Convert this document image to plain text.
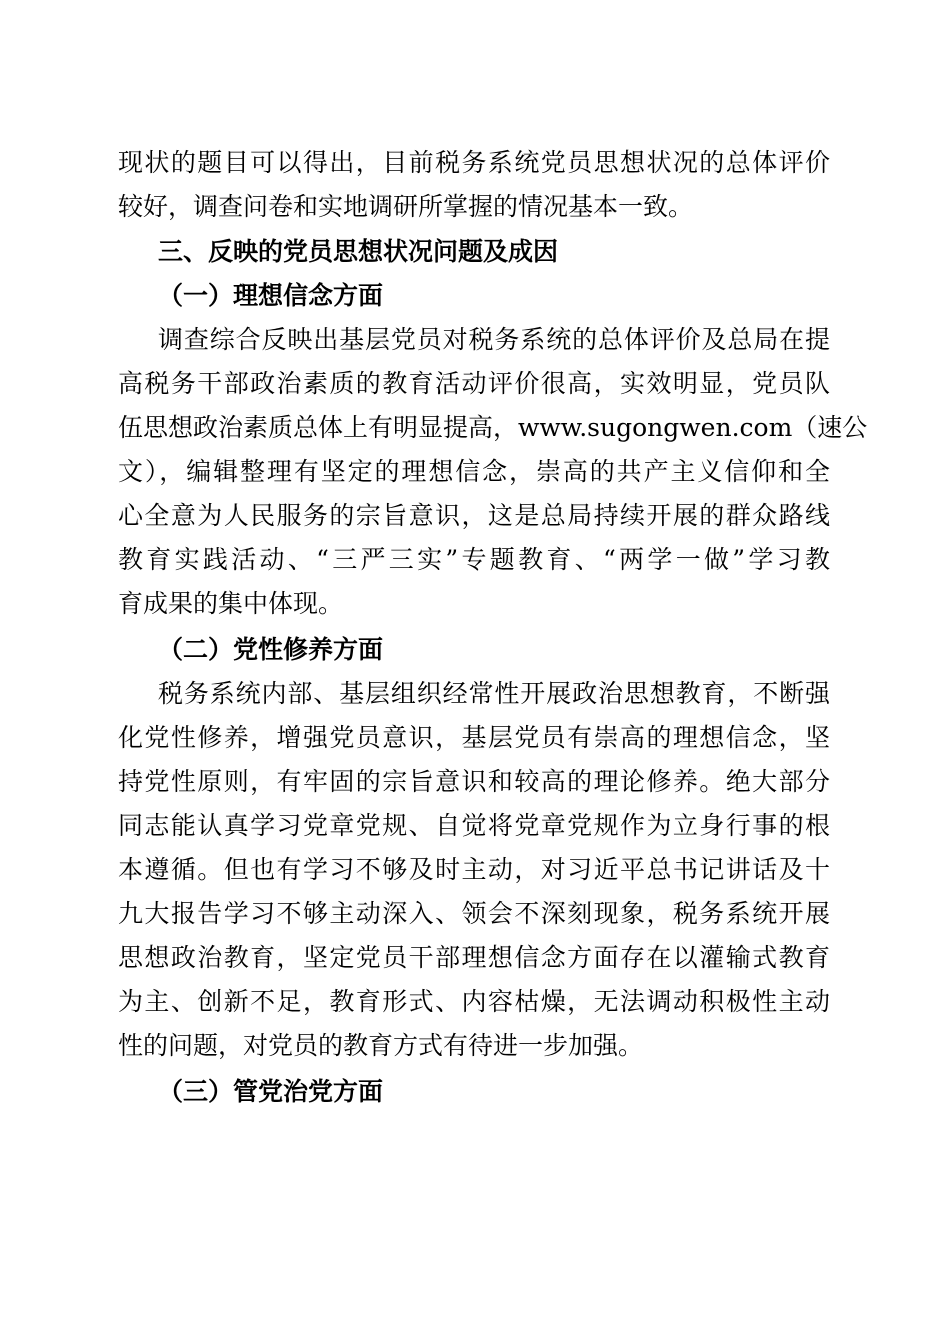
现状的题目可以得出，目前税务系统党员思想状况的总体评价
较好，调查问卷和实地调研所掌握的情况基本一致。
三、反映的党员思想状况问题及成因
（一）理想信念方面
调查综合反映出基层党员对税务系统的总体评价及总局在提
高税务干部政治素质的教育活动评价很高，实效明显，党员队
伍思想政治素质总体上有明显提高，www.sugongwen.com（速公
文），编辑整理有坚定的理想信念，崇高的共产主义信仰和全
心全意为人民服务的宗旨意识，这是总局持续开展的群众路线
教育实践活动、“三严三实”专题教育、“两学一做”学习教
育成果的集中体现。
（二）党性修养方面
税务系统内部、基层组织经常性开展政治思想教育，不断强
化党性修养，增强党员意识，基层党员有崇高的理想信念，坚
持党性原则，有牢固的宗旨意识和较高的理论修养。绝大部分
同志能认真学习党章党规、自觉将党章党规作为立身行事的根
本遵循。但也有学习不够及时主动，对习近平总书记讲话及十
九大报告学习不够主动深入、领会不深刻现象，税务系统开展
思想政治教育，坚定党员干部理想信念方面存在以灌输式教育
为主、创新不足，教育形式、内容枯燥，无法调动积极性主动
性的问题，对党员的教育方式有待进一步加强。
（三）管党治党方面
